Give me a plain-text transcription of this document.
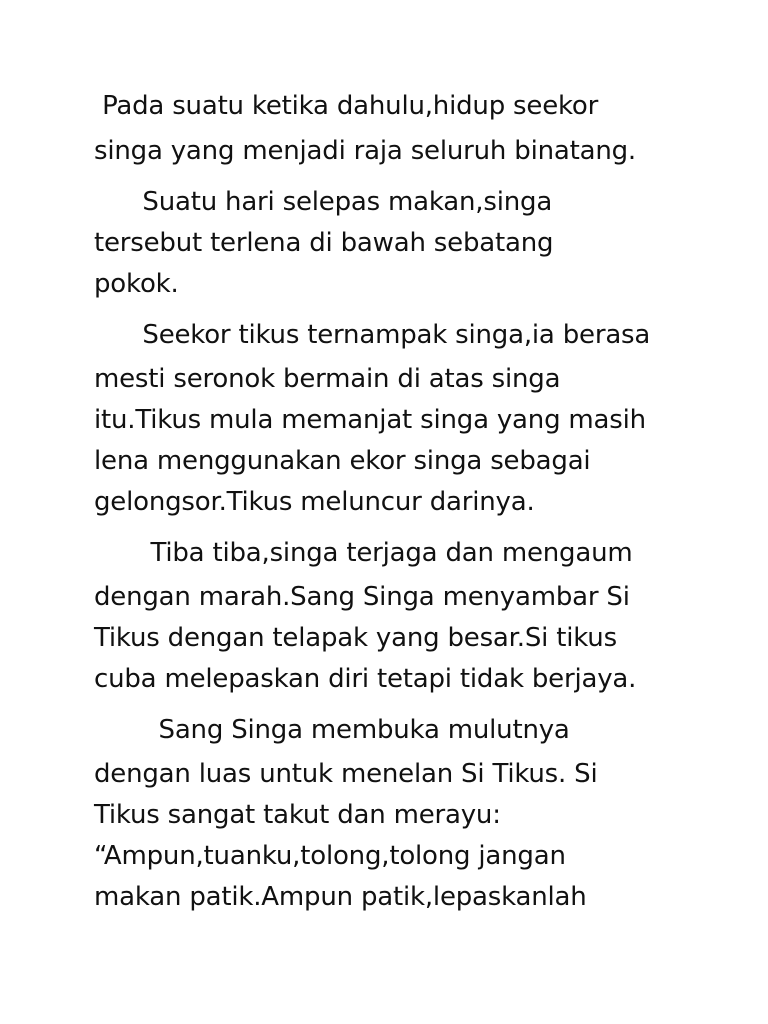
Pada suatu ketika dahulu,hidup seekor
singa yang menjadi raja seluruh binatang.
Suatu hari selepas makan,singa
tersebut terlena di bawah sebatang
pokok.
Seekor tikus ternampak singa,ia berasa
mesti seronok bermain di atas singa
itu.Tikus mula memanjat singa yang masih
lena menggunakan ekor singa sebagai
gelongsor.Tikus meluncur darinya.
Tiba tiba,singa terjaga dan mengaum
dengan marah.Sang Singa menyambar Si
Tikus dengan telapak yang besar.Si tikus
cuba melepaskan diri tetapi tidak berjaya.
Sang Singa membuka mulutnya
dengan luas untuk menelan Si Tikus. Si
Tikus sangat takut dan merayu:
“Ampun,tuanku,tolong,tolong jangan
makan patik.Ampun patik,lepaskanlah
